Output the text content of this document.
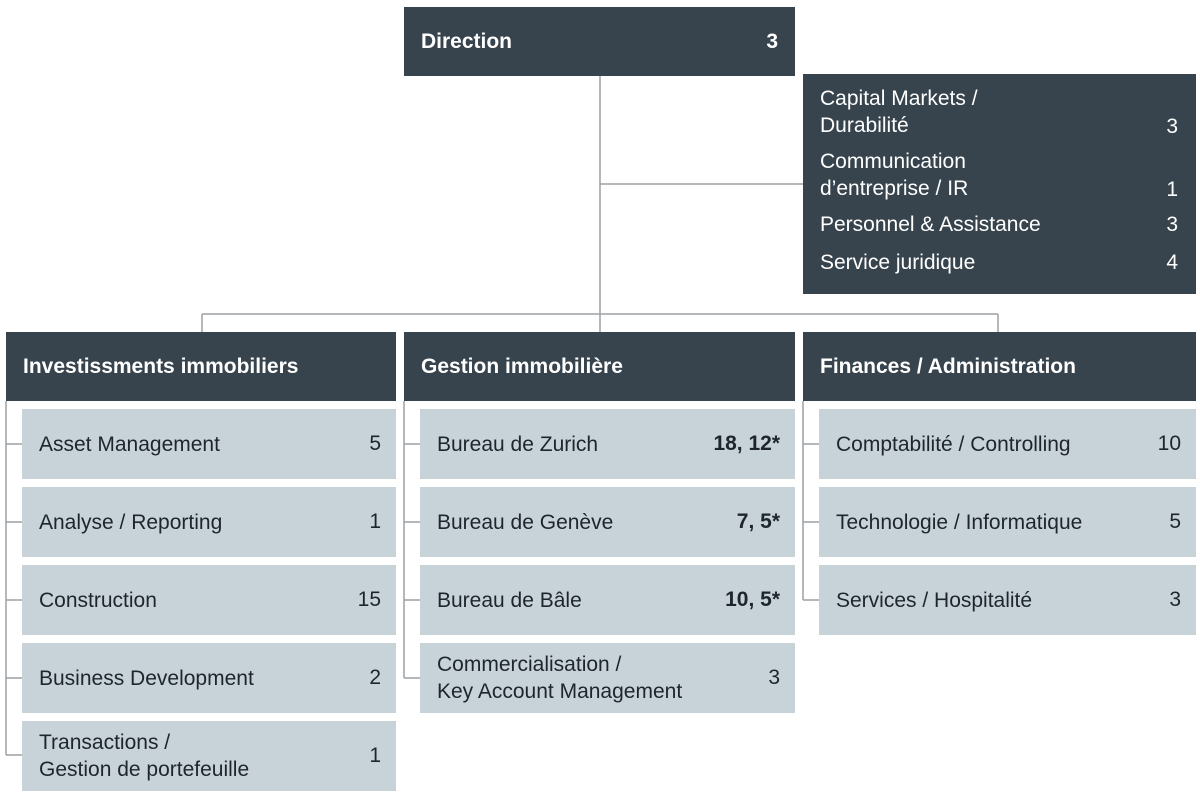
Direction	3
Capital Markets /
Durabilité	3
Communication
d’entreprise / IR	1
Personnel & Assistance	3
Service juridique	4
Investissments immobiliers	Gestion immobilière	Finances / Administration
Asset Management	5
Analyse / Reporting	1
Construction	15
Business Development	2
Transactions /
Gestion de portefeuille
1
Bureau de Zurich	18, 12*
Bureau de Genève	7, 5*
Bureau de Bâle	10, 5*
Commercialisation /
Key Account Management
3
Comptabilité / Controlling	10
Technologie / Informatique	5
Services / Hospitalité	3
